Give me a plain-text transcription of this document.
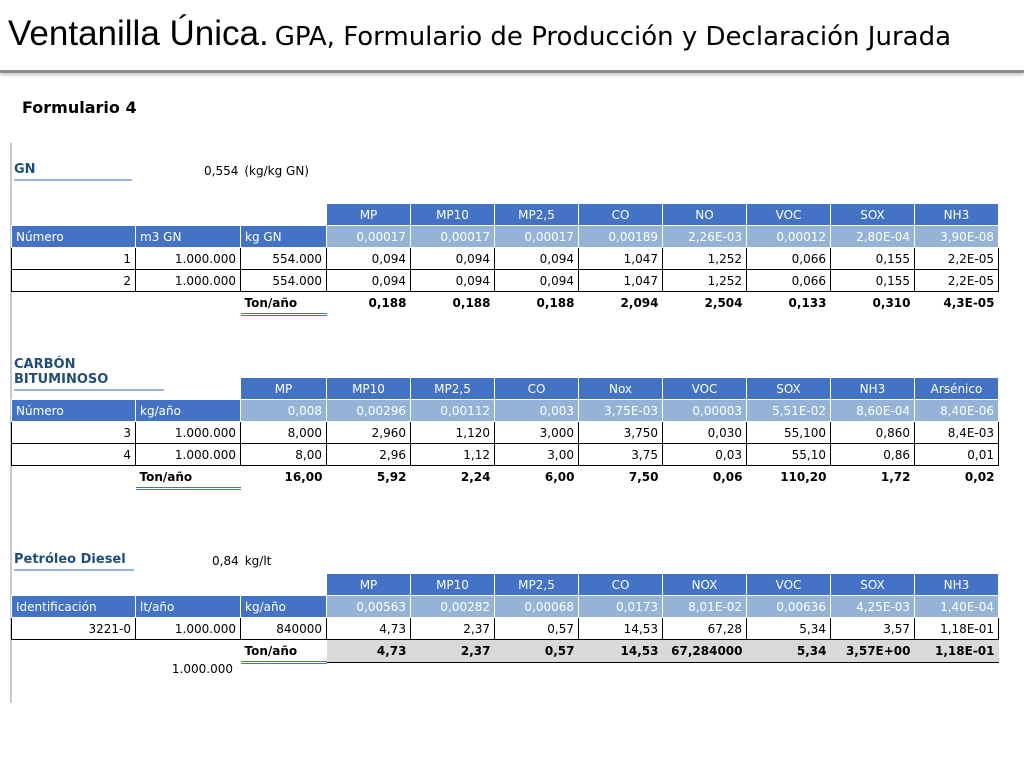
Ventanilla Única. GPA, Formulario de Producción y Declaración Jurada
Formulario 4
GN	0,554 (kg/kg GN)
			MP	MP10	MP2,5	CO	NO	VOC	SOX	NH3
Número	m3 GN	kg GN	0,00017	0,00017	0,00017	0,00189	2,26E-03	0,00012	2,80E-04	3,90E-08
1	1.000.000	554.000	0,094	0,094	0,094	1,047	1,252	0,066	0,155	2,2E-05
2	1.000.000	554.000	0,094	0,094	0,094	1,047	1,252	0,066	0,155	2,2E-05
		Ton/año	0,188	0,188	0,188	2,094	2,504	0,133	0,310	4,3E-05
CARBÓN BITUMINOSO
		MP	MP10	MP2,5	CO	Nox	VOC	SOX	NH3	Arsénico
Número	kg/año	0,008	0,00296	0,00112	0,003	3,75E-03	0,00003	5,51E-02	8,60E-04	8,40E-06
3	1.000.000	8,000	2,960	1,120	3,000	3,750	0,030	55,100	0,860	8,4E-03
4	1.000.000	8,00	2,96	1,12	3,00	3,75	0,03	55,10	0,86	0,01
	Ton/año	16,00	5,92	2,24	6,00	7,50	0,06	110,20	1,72	0,02
Petróleo Diesel	0,84 kg/lt
			MP	MP10	MP2,5	CO	NOX	VOC	SOX	NH3
Identificación	lt/año	kg/año	0,00563	0,00282	0,00068	0,0173	8,01E-02	0,00636	4,25E-03	1,40E-04
3221-0	1.000.000	840000	4,73	2,37	0,57	14,53	67,28	5,34	3,57	1,18E-01
		Ton/año	4,73	2,37	0,57	14,53	67,284000	5,34	3,57E+00	1,18E-01
1.000.000
